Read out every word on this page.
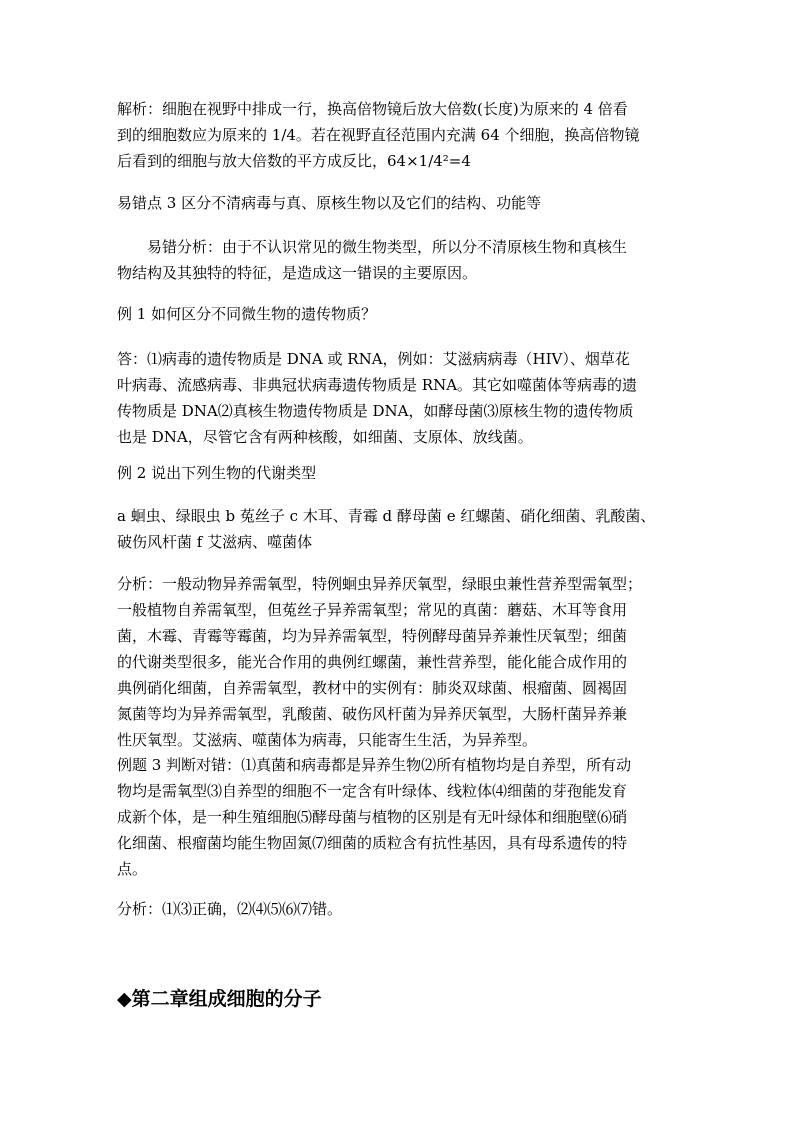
解析：细胞在视野中排成一行，换高倍物镜后放大倍数(长度)为原来的 4 倍看
到的细胞数应为原来的 1/4。若在视野直径范围内充满 64 个细胞，换高倍物镜
后看到的细胞与放大倍数的平方成反比，64×1/4²=4
易错点 3 区分不清病毒与真、原核生物以及它们的结构、功能等
易错分析：由于不认识常见的微生物类型，所以分不清原核生物和真核生
物结构及其独特的特征，是造成这一错误的主要原因。
例 1 如何区分不同微生物的遗传物质？
答：⑴病毒的遗传物质是 DNA 或 RNA，例如：艾滋病病毒（HIV）、烟草花
叶病毒、流感病毒、非典冠状病毒遗传物质是 RNA。其它如噬菌体等病毒的遗
传物质是 DNA⑵真核生物遗传物质是 DNA，如酵母菌⑶原核生物的遗传物质
也是 DNA，尽管它含有两种核酸，如细菌、支原体、放线菌。
例 2 说出下列生物的代谢类型
a 蛔虫、绿眼虫 b 菟丝子 c 木耳、青霉 d 酵母菌 e 红螺菌、硝化细菌、乳酸菌、
破伤风杆菌 f 艾滋病、噬菌体
分析：一般动物异养需氧型，特例蛔虫异养厌氧型，绿眼虫兼性营养型需氧型；
一般植物自养需氧型，但菟丝子异养需氧型；常见的真菌：蘑菇、木耳等食用
菌，木霉、青霉等霉菌，均为异养需氧型，特例酵母菌异养兼性厌氧型；细菌
的代谢类型很多，能光合作用的典例红螺菌，兼性营养型，能化能合成作用的
典例硝化细菌，自养需氧型，教材中的实例有：肺炎双球菌、根瘤菌、圆褐固
氮菌等均为异养需氧型，乳酸菌、破伤风杆菌为异养厌氧型，大肠杆菌异养兼
性厌氧型。艾滋病、噬菌体为病毒，只能寄生生活，为异养型。
例题 3 判断对错：⑴真菌和病毒都是异养生物⑵所有植物均是自养型，所有动
物均是需氧型⑶自养型的细胞不一定含有叶绿体、线粒体⑷细菌的芽孢能发育
成新个体，是一种生殖细胞⑸酵母菌与植物的区别是有无叶绿体和细胞壁⑹硝
化细菌、根瘤菌均能生物固氮⑺细菌的质粒含有抗性基因，具有母系遗传的特
点。
分析：⑴⑶正确，⑵⑷⑸⑹⑺错。
◆第二章组成细胞的分子
